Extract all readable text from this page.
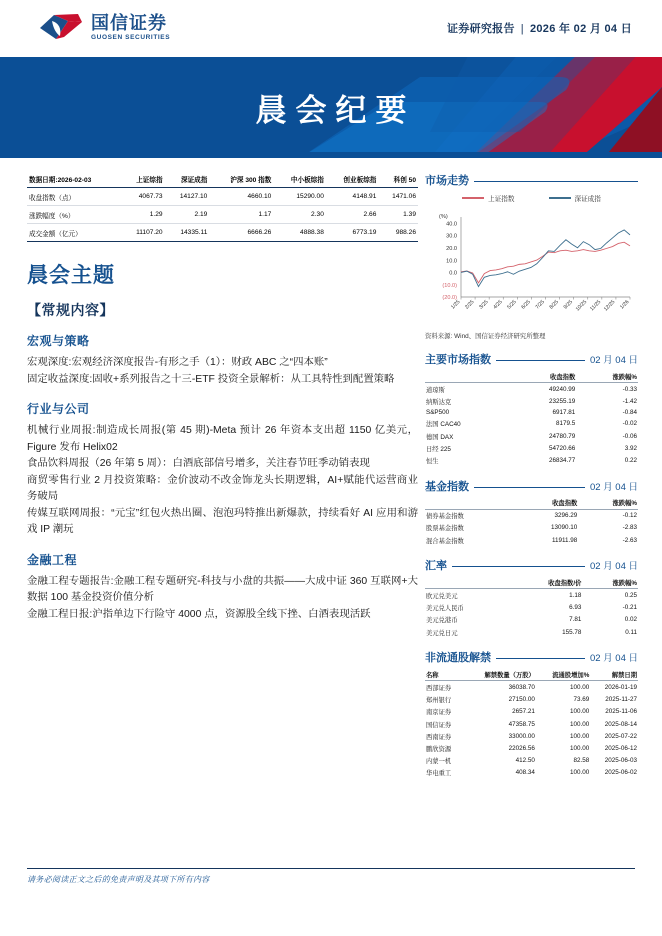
国信证券
GUOSEN SECURITIES
证券研究报告 | 2026 年 02 月 04 日
晨会纪要
数据日期:2026-02-03	上证综指	深证成指	沪深 300 指数	中小板综指	创业板综指	科创 50
收盘指数（点）	4067.73	14127.10	4660.10	15290.00	4148.91	1471.06
涨跌幅度（%）	1.29	2.19	1.17	2.30	2.66	1.39
成交金额（亿元）	11107.20	14335.11	6666.26	4888.38	6773.19	988.26
晨会主题
【常规内容】
宏观与策略
宏观深度:宏观经济深度报告-有形之手（1）：财政 ABC 之“四本账”
固定收益深度:固收+系列报告之十三-ETF 投资全景解析：从工具特性到配置策略
行业与公司
机械行业周报:制造成长周报(第 45 期)-Meta 预计 26 年资本支出超 1150 亿美元，Figure 发布 Helix02
食品饮料周报（26 年第 5 周）：白酒底部信号增多，关注春节旺季动销表现
商贸零售行业 2 月投资策略：金价波动不改金饰龙头长期逻辑，AI+赋能代运营商业务破局
传媒互联网周报：“元宝”红包火热出圈、泡泡玛特推出新爆款，持续看好 AI 应用和游戏 IP 潮玩
金融工程
金融工程专题报告:金融工程专题研究-科技与小盘的共振——大成中证 360 互联网+大数据 100 基金投资价值分析
金融工程日报:沪指单边下行险守 4000 点，资源股全线下挫、白酒表现活跃
市场走势
上证指数	深证成指
40.0
30.0
20.0
10.0
0.0
(10.0)
(20.0)
(%)
1/25 2/25 3/25 4/25 5/25 6/25 7/25 8/25 9/25 10/25 11/25 12/25 1/26
资料来源: Wind、国信证券经济研究所整理
主要市场指数	02 月 04 日
	收盘指数	涨跌幅%
道琼斯	49240.99	-0.33
纳斯达克	23255.19	-1.42
S&P500	6917.81	-0.84
法国 CAC40	8179.5	-0.02
德国 DAX	24780.79	-0.06
日经 225	54720.66	3.92
恒生	26834.77	0.22
基金指数	02 月 04 日
	收盘指数	涨跌幅%
债券基金指数	3296.29	-0.12
股票基金指数	13090.10	-2.83
混合基金指数	11911.98	-2.63
汇率	02 月 04 日
	收盘指数/价	涨跌幅%
欧元兑美元	1.18	0.25
美元兑人民币	6.93	-0.21
美元兑港币	7.81	0.02
美元兑日元	155.78	0.11
非流通股解禁	02 月 04 日
名称	解禁数量（万股）	流通股增加%	解禁日期
西部证券	36038.70	100.00	2026-01-19
郑州银行	27150.00	73.69	2025-11-27
南京证券	2657.21	100.00	2025-11-06
国信证券	47358.75	100.00	2025-08-14
西南证券	33000.00	100.00	2025-07-22
鹏欣资源	22026.56	100.00	2025-06-12
内蒙一机	412.50	82.58	2025-06-03
华电重工	408.34	100.00	2025-06-02
请务必阅读正文之后的免责声明及其项下所有内容
